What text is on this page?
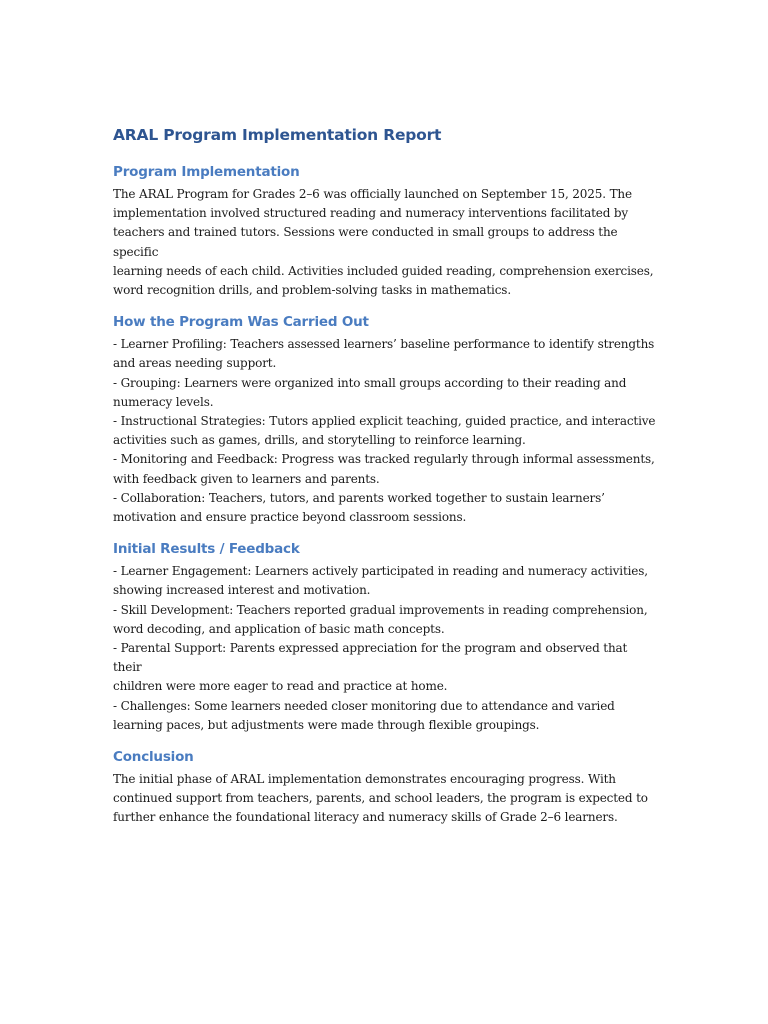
ARAL Program Implementation Report
Program Implementation

The ARAL Program for Grades 2–6 was officially launched on September 15, 2025. The
implementation involved structured reading and numeracy interventions facilitated by
teachers and trained tutors. Sessions were conducted in small groups to address the specific
learning needs of each child. Activities included guided reading, comprehension exercises,
word recognition drills, and problem-solving tasks in mathematics.

How the Program Was Carried Out

- Learner Profiling: Teachers assessed learners’ baseline performance to identify strengths
and areas needing support.
- Grouping: Learners were organized into small groups according to their reading and
numeracy levels.
- Instructional Strategies: Tutors applied explicit teaching, guided practice, and interactive
activities such as games, drills, and storytelling to reinforce learning.
- Monitoring and Feedback: Progress was tracked regularly through informal assessments,
with feedback given to learners and parents.
- Collaboration: Teachers, tutors, and parents worked together to sustain learners’
motivation and ensure practice beyond classroom sessions.

Initial Results / Feedback

- Learner Engagement: Learners actively participated in reading and numeracy activities,
showing increased interest and motivation.
- Skill Development: Teachers reported gradual improvements in reading comprehension,
word decoding, and application of basic math concepts.
- Parental Support: Parents expressed appreciation for the program and observed that their
children were more eager to read and practice at home.
- Challenges: Some learners needed closer monitoring due to attendance and varied
learning paces, but adjustments were made through flexible groupings.

Conclusion

The initial phase of ARAL implementation demonstrates encouraging progress. With
continued support from teachers, parents, and school leaders, the program is expected to
further enhance the foundational literacy and numeracy skills of Grade 2–6 learners.
